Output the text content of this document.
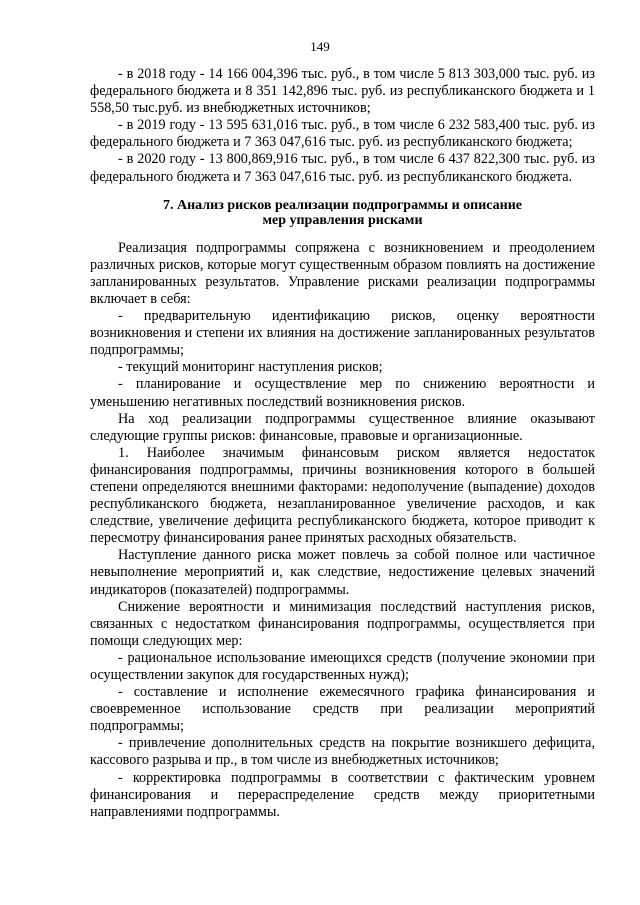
149

- в 2018 году - 14 166 004,396 тыс. руб., в том числе 5 813 303,000 тыс. руб. из федерального бюджета и 8 351 142,896 тыс. руб. из республиканского бюджета и 1 558,50 тыс.руб. из внебюджетных источников;

- в 2019 году - 13 595 631,016 тыс. руб., в том числе 6 232 583,400 тыс. руб. из федерального бюджета и 7 363 047,616 тыс. руб. из республиканского бюджета;

- в 2020 году - 13 800,869,916 тыс. руб., в том числе 6 437 822,300 тыс. руб. из федерального бюджета и 7 363 047,616 тыс. руб. из республиканского бюджета.

7. Анализ рисков реализации подпрограммы и описание
мер управления рисками

Реализация подпрограммы сопряжена с возникновением и преодолением различных рисков, которые могут существенным образом повлиять на достижение запланированных результатов. Управление рисками реализации подпрограммы включает в себя:

- предварительную идентификацию рисков, оценку вероятности возникновения и степени их влияния на достижение запланированных результатов подпрограммы;

- текущий мониторинг наступления рисков;

- планирование и осуществление мер по снижению вероятности и уменьшению негативных последствий возникновения рисков.

На ход реализации подпрограммы существенное влияние оказывают следующие группы рисков: финансовые, правовые и организационные.

1. Наиболее значимым финансовым риском является недостаток финансирования подпрограммы, причины возникновения которого в большей степени определяются внешними факторами: недополучение (выпадение) доходов республиканского бюджета, незапланированное увеличение расходов, и как следствие, увеличение дефицита республиканского бюджета, которое приводит к пересмотру финансирования ранее принятых расходных обязательств.

Наступление данного риска может повлечь за собой полное или частичное невыполнение мероприятий и, как следствие, недостижение целевых значений индикаторов (показателей) подпрограммы.

Снижение вероятности и минимизация последствий наступления рисков, связанных с недостатком финансирования подпрограммы, осуществляется при помощи следующих мер:

- рациональное использование имеющихся средств (получение экономии при осуществлении закупок для государственных нужд);

- составление и исполнение ежемесячного графика финансирования и своевременное использование средств при реализации мероприятий подпрограммы;

- привлечение дополнительных средств на покрытие возникшего дефицита, кассового разрыва и пр., в том числе из внебюджетных источников;

- корректировка подпрограммы в соответствии с фактическим уровнем финансирования и перераспределение средств между приоритетными направлениями подпрограммы.
